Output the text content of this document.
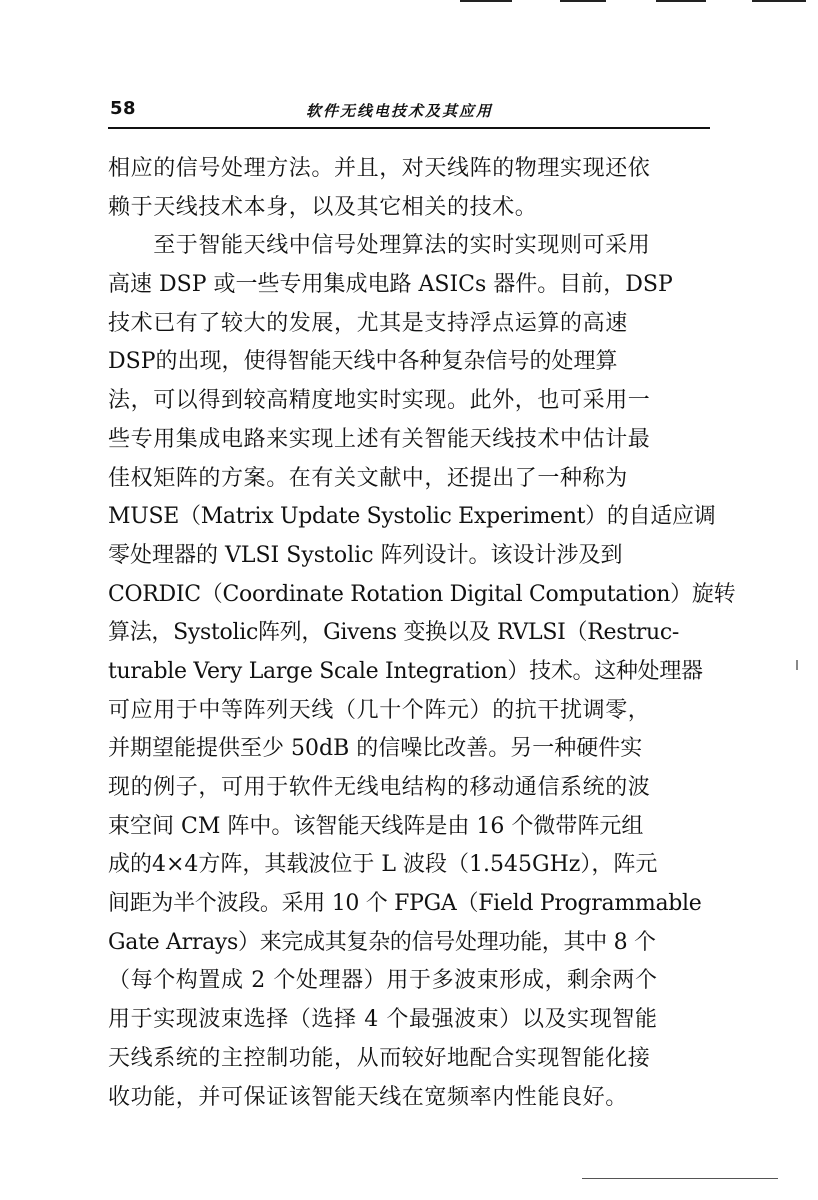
58	软件无线电技术及其应用
相应的信号处理方法。并且，对天线阵的物理实现还依
赖于天线技术本身，以及其它相关的技术。
　　至于智能天线中信号处理算法的实时实现则可采用
高速 DSP 或一些专用集成电路 ASICs 器件。目前，DSP
技术已有了较大的发展，尤其是支持浮点运算的高速
DSP的出现，使得智能天线中各种复杂信号的处理算
法，可以得到较高精度地实时实现。此外，也可采用一
些专用集成电路来实现上述有关智能天线技术中估计最
佳权矩阵的方案。在有关文献中，还提出了一种称为
MUSE（Matrix Update Systolic Experiment）的自适应调
零处理器的 VLSI Systolic 阵列设计。该设计涉及到
CORDIC（Coordinate Rotation Digital Computation）旋转
算法，Systolic阵列，Givens 变换以及 RVLSI（Restruc-
turable Very Large Scale Integration）技术。这种处理器
可应用于中等阵列天线（几十个阵元）的抗干扰调零，
并期望能提供至少 50dB 的信噪比改善。另一种硬件实
现的例子，可用于软件无线电结构的移动通信系统的波
束空间 CM 阵中。该智能天线阵是由 16 个微带阵元组
成的4×4方阵，其载波位于 L 波段（1.545GHz），阵元
间距为半个波段。采用 10 个 FPGA（Field Programmable
Gate Arrays）来完成其复杂的信号处理功能，其中 8 个
（每个构置成 2 个处理器）用于多波束形成，剩余两个
用于实现波束选择（选择 4 个最强波束）以及实现智能
天线系统的主控制功能，从而较好地配合实现智能化接
收功能，并可保证该智能天线在宽频率内性能良好。
